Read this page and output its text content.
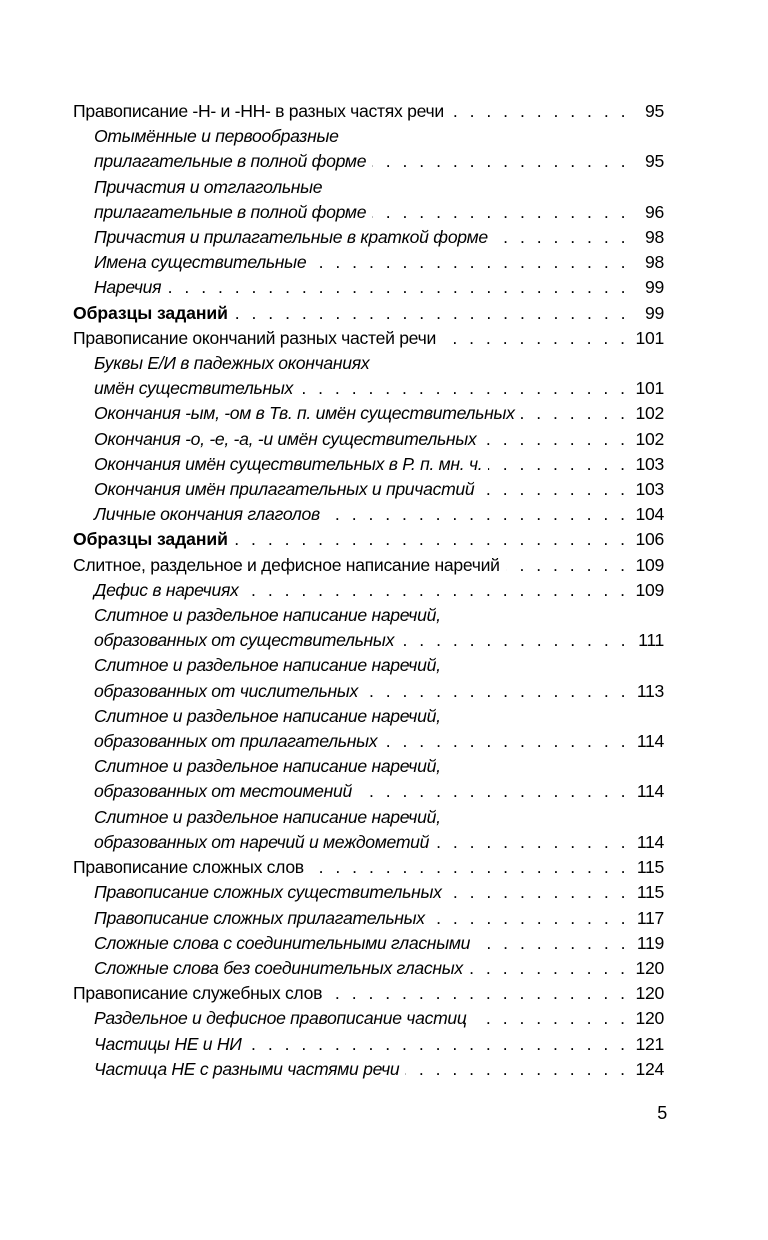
Правописание -Н- и -НН- в разных частях речи . . .	95
Отымённые и первообразные
прилагательные в полной форме . . .	95
Причастия и отглагольные
прилагательные в полной форме . . .	96
Причастия и прилагательные в краткой форме . . .	98
Имена существительные . . .	98
Наречия . . .	99
Образцы заданий . . .	99
Правописание окончаний разных частей речи . . .	101
Буквы Е/И в падежных окончаниях
имён существительных . . .	101
Окончания -ым, -ом в Тв. п. имён существительных . . .	102
Окончания -о, -е, -а, -и имён существительных . . .	102
Окончания имён существительных в Р. п. мн. ч. . . .	103
Окончания имён прилагательных и причастий . . .	103
Личные окончания глаголов . . .	104
Образцы заданий . . .	106
Слитное, раздельное и дефисное написание наречий . . .	109
Дефис в наречиях . . .	109
Слитное и раздельное написание наречий,
образованных от существительных . . .	111
Слитное и раздельное написание наречий,
образованных от числительных . . .	113
Слитное и раздельное написание наречий,
образованных от прилагательных . . .	114
Слитное и раздельное написание наречий,
образованных от местоимений . . .	114
Слитное и раздельное написание наречий,
образованных от наречий и междометий . . .	114
Правописание сложных слов . . .	115
Правописание сложных существительных . . .	115
Правописание сложных прилагательных . . .	117
Сложные слова с соединительными гласными . . .	119
Сложные слова без соединительных гласных . . .	120
Правописание служебных слов . . .	120
Раздельное и дефисное правописание частиц . . .	120
Частицы НЕ и НИ . . .	121
Частица НЕ с разными частями речи . . .	124
5
